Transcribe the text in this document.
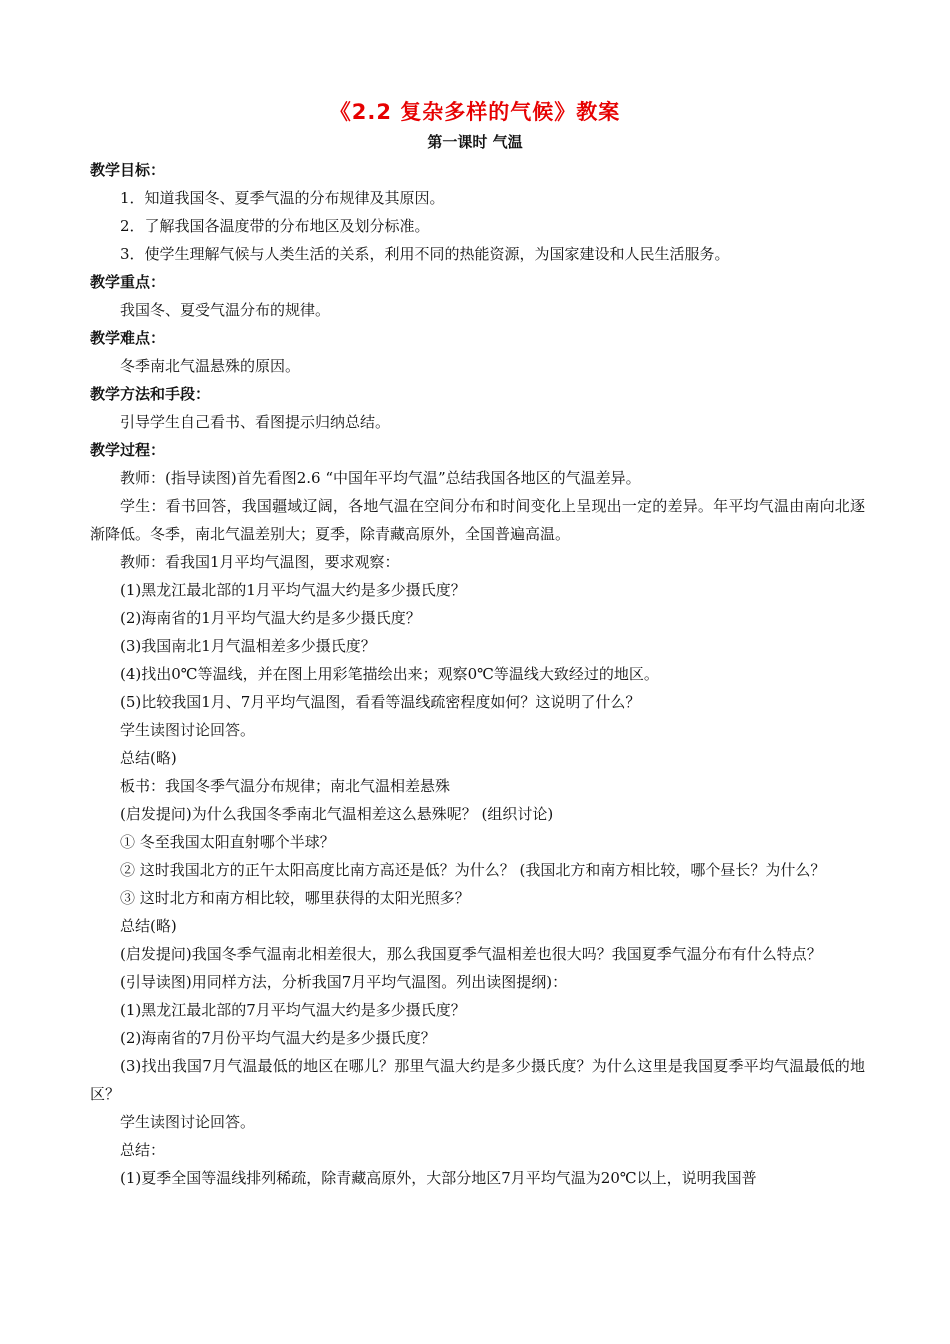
《2.2 复杂多样的气候》教案
第一课时 气温
教学目标：
1．知道我国冬、夏季气温的分布规律及其原因。
2．了解我国各温度带的分布地区及划分标准。
3．使学生理解气候与人类生活的关系，利用不同的热能资源，为国家建设和人民生活服务。
教学重点：
我国冬、夏受气温分布的规律。
教学难点：
冬季南北气温悬殊的原因。
教学方法和手段：
引导学生自己看书、看图提示归纳总结。
教学过程：
教师：(指导读图)首先看图2.6 “中国年平均气温”总结我国各地区的气温差异。
学生：看书回答，我国疆域辽阔，各地气温在空间分布和时间变化上呈现出一定的差异。年平均气温由南向北逐渐降低。冬季，南北气温差别大；夏季，除青藏高原外，全国普遍高温。
教师：看我国1月平均气温图，要求观察：
(1)黑龙江最北部的1月平均气温大约是多少摄氏度？
(2)海南省的1月平均气温大约是多少摄氏度？
(3)我国南北1月气温相差多少摄氏度？
(4)找出0℃等温线，并在图上用彩笔描绘出来；观察0℃等温线大致经过的地区。
(5)比较我国1月、7月平均气温图，看看等温线疏密程度如何？这说明了什么？
学生读图讨论回答。
总结(略)
板书：我国冬季气温分布规律；南北气温相差悬殊
(启发提问)为什么我国冬季南北气温相差这么悬殊呢？ (组织讨论)
① 冬至我国太阳直射哪个半球？
② 这时我国北方的正午太阳高度比南方高还是低？为什么？ (我国北方和南方相比较，哪个昼长？为什么？
③ 这时北方和南方相比较，哪里获得的太阳光照多？
总结(略)
(启发提问)我国冬季气温南北相差很大，那么我国夏季气温相差也很大吗？我国夏季气温分布有什么特点？
(引导读图)用同样方法，分析我国7月平均气温图。列出读图提纲)：
(1)黑龙江最北部的7月平均气温大约是多少摄氏度？
(2)海南省的7月份平均气温大约是多少摄氏度？
(3)找出我国7月气温最低的地区在哪儿？那里气温大约是多少摄氏度？为什么这里是我国夏季平均气温最低的地区？
学生读图讨论回答。
总结：
(1)夏季全国等温线排列稀疏，除青藏高原外，大部分地区7月平均气温为20℃以上，说明我国普
